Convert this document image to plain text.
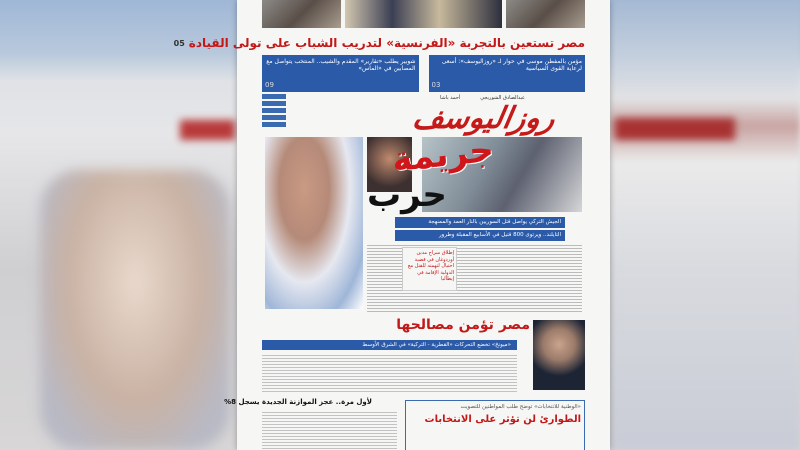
مصر تستعين بالتجربة «الفرنسية» لتدريب الشباب على تولى القيادة
05
شوبير يطلب «تقارير» المقدم والشيب.. المنتخب يتواصل مع المصابين في «الماس»
09
مؤمن بالمفطن موسى في حوار لـ «روزاليوسف»: أسعى لرعاية القوى السياسية
03
عبدالصادق الشوربجي
أحمد باشا
روزاليوسف
جريمة
حرب
الجيش التركي يواصل قتل السوريين بالنار العمد والممنهجة
التايلند.. ويرتوى 800 قتيل في الأسابيع المقبلة وطرور
إطلاق سراح مدين أوردوغان في قضية احتيال لتهمته للقتل مع الدولية الإقامة في إيطاليا
مصر تؤمن مصالحها
«ميونخ» تخضع التحركات «القطرية - التركية» في الشرق الأوسط
لأول مرة.. عجز الموازنة الجديدة يسجل 8%
«الوطنية للانتخابات» توضح طلب المواطنين للتصويت
الطوارئ لن تؤثر على الانتخابات
